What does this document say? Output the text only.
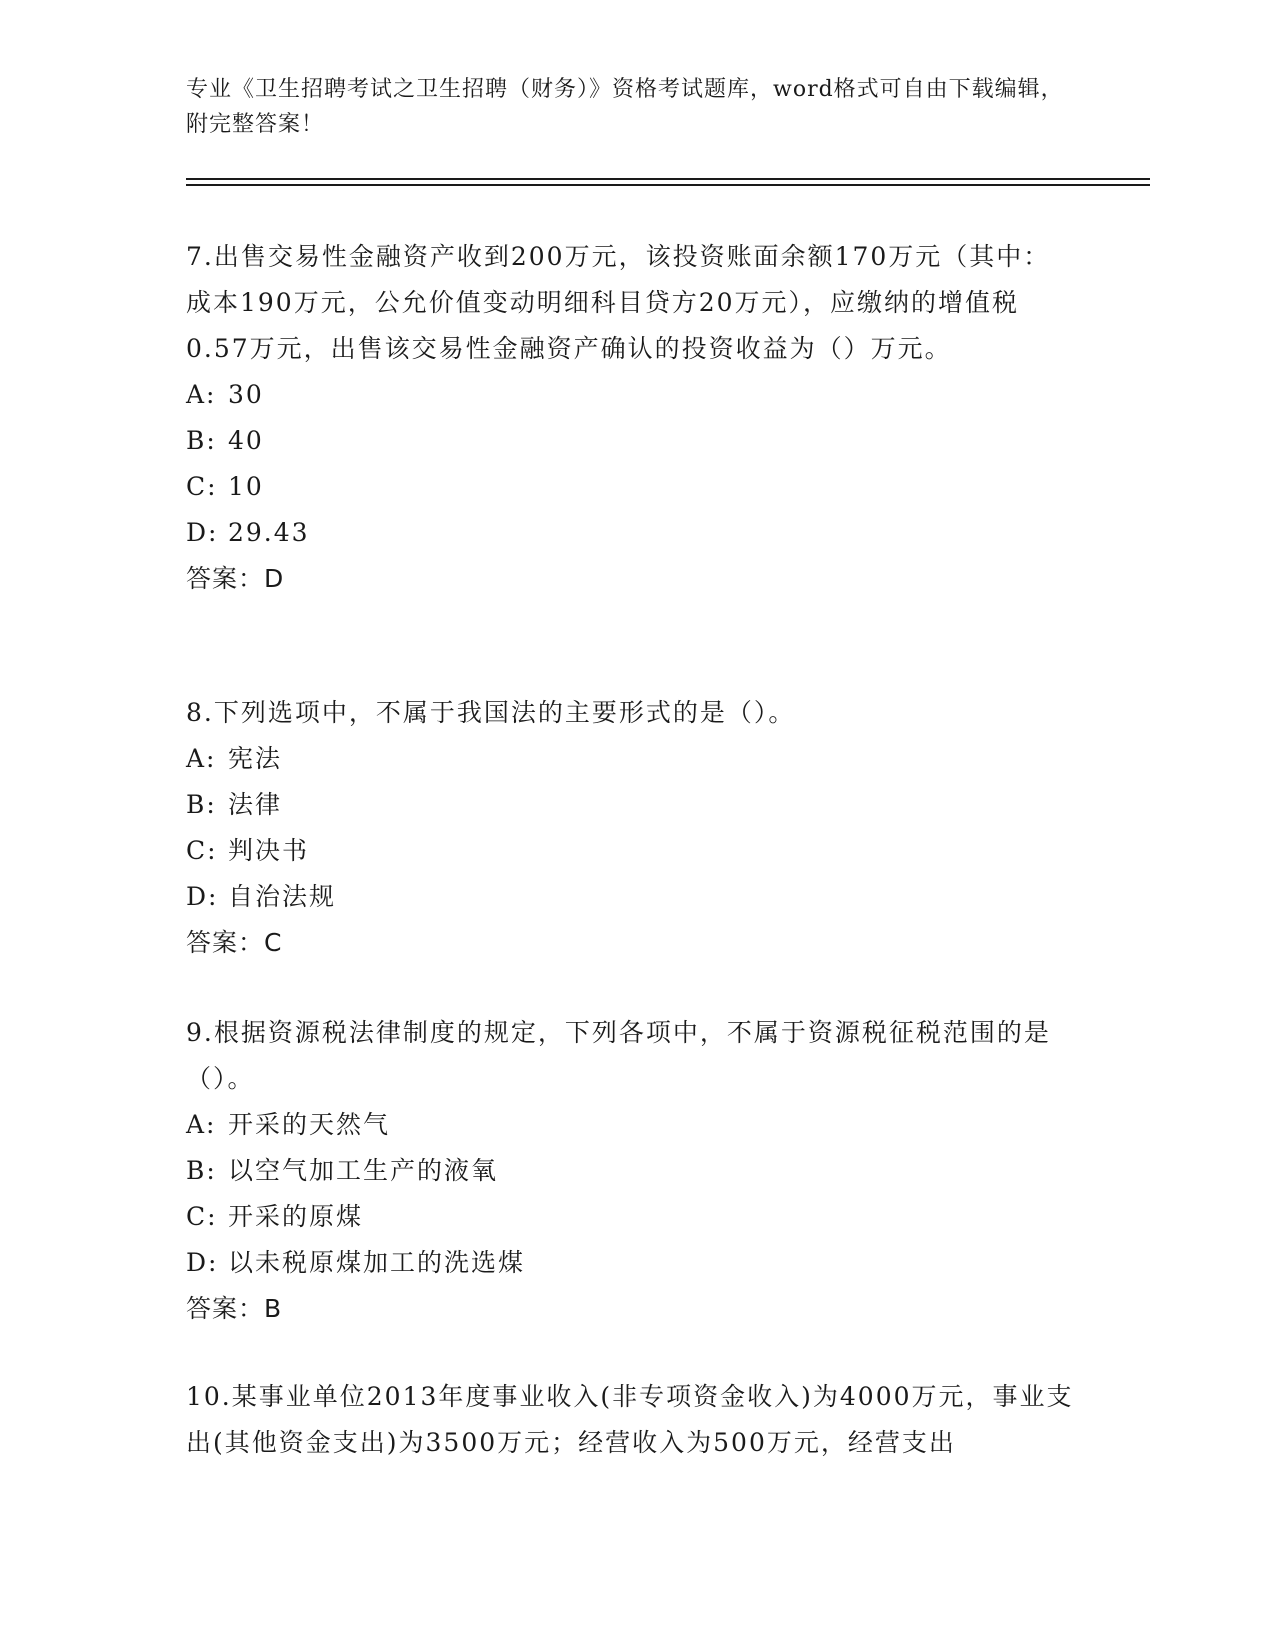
专业《卫生招聘考试之卫生招聘（财务）》资格考试题库，word格式可自由下载编辑，附完整答案！

7.出售交易性金融资产收到200万元，该投资账面余额170万元（其中：成本190万元，公允价值变动明细科目贷方20万元），应缴纳的增值税0.57万元，出售该交易性金融资产确认的投资收益为（）万元。

A: 30

B: 40

C: 10

D: 29.43

答案：D

8.下列选项中，不属于我国法的主要形式的是（）。

A: 宪法

B: 法律

C: 判决书

D: 自治法规

答案：C

9.根据资源税法律制度的规定，下列各项中，不属于资源税征税范围的是（）。

A: 开采的天然气

B: 以空气加工生产的液氧

C: 开采的原煤

D: 以未税原煤加工的洗选煤

答案：B

10.某事业单位2013年度事业收入(非专项资金收入)为4000万元，事业支出(其他资金支出)为3500万元；经营收入为500万元，经营支出
